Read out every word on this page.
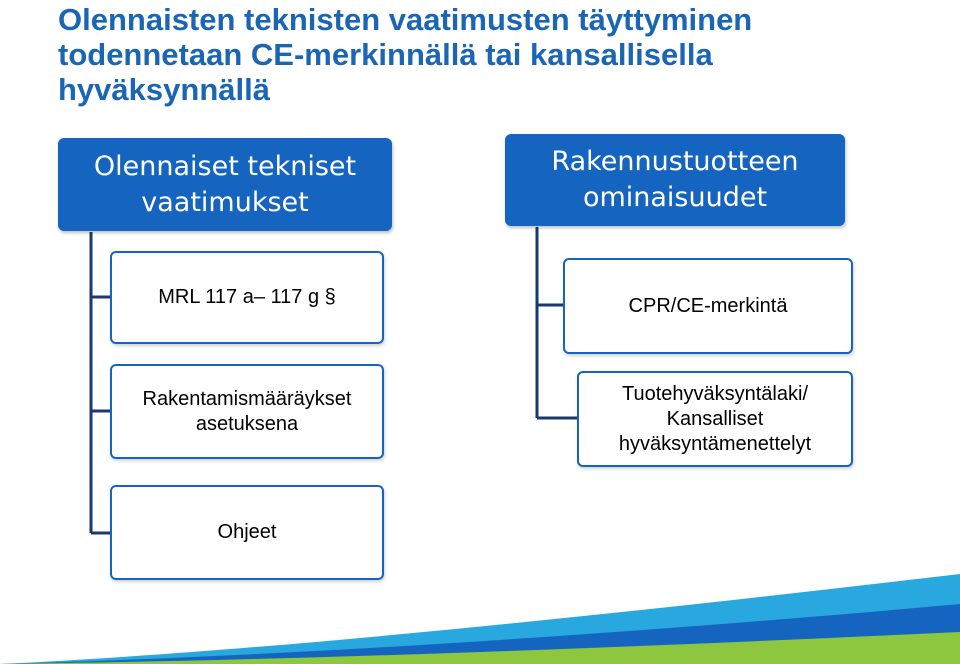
Olennaisten teknisten vaatimusten täyttyminen
todennetaan CE-merkinnällä tai kansallisella
hyväksynnällä
Olennaiset tekniset
vaatimukset
Rakennustuotteen
ominaisuudet
MRL 117 a– 117 g §
Rakentamismääräykset
asetuksena
Ohjeet
CPR/CE-merkintä
Tuotehyväksyntälaki/
Kansalliset
hyväksyntämenettelyt
